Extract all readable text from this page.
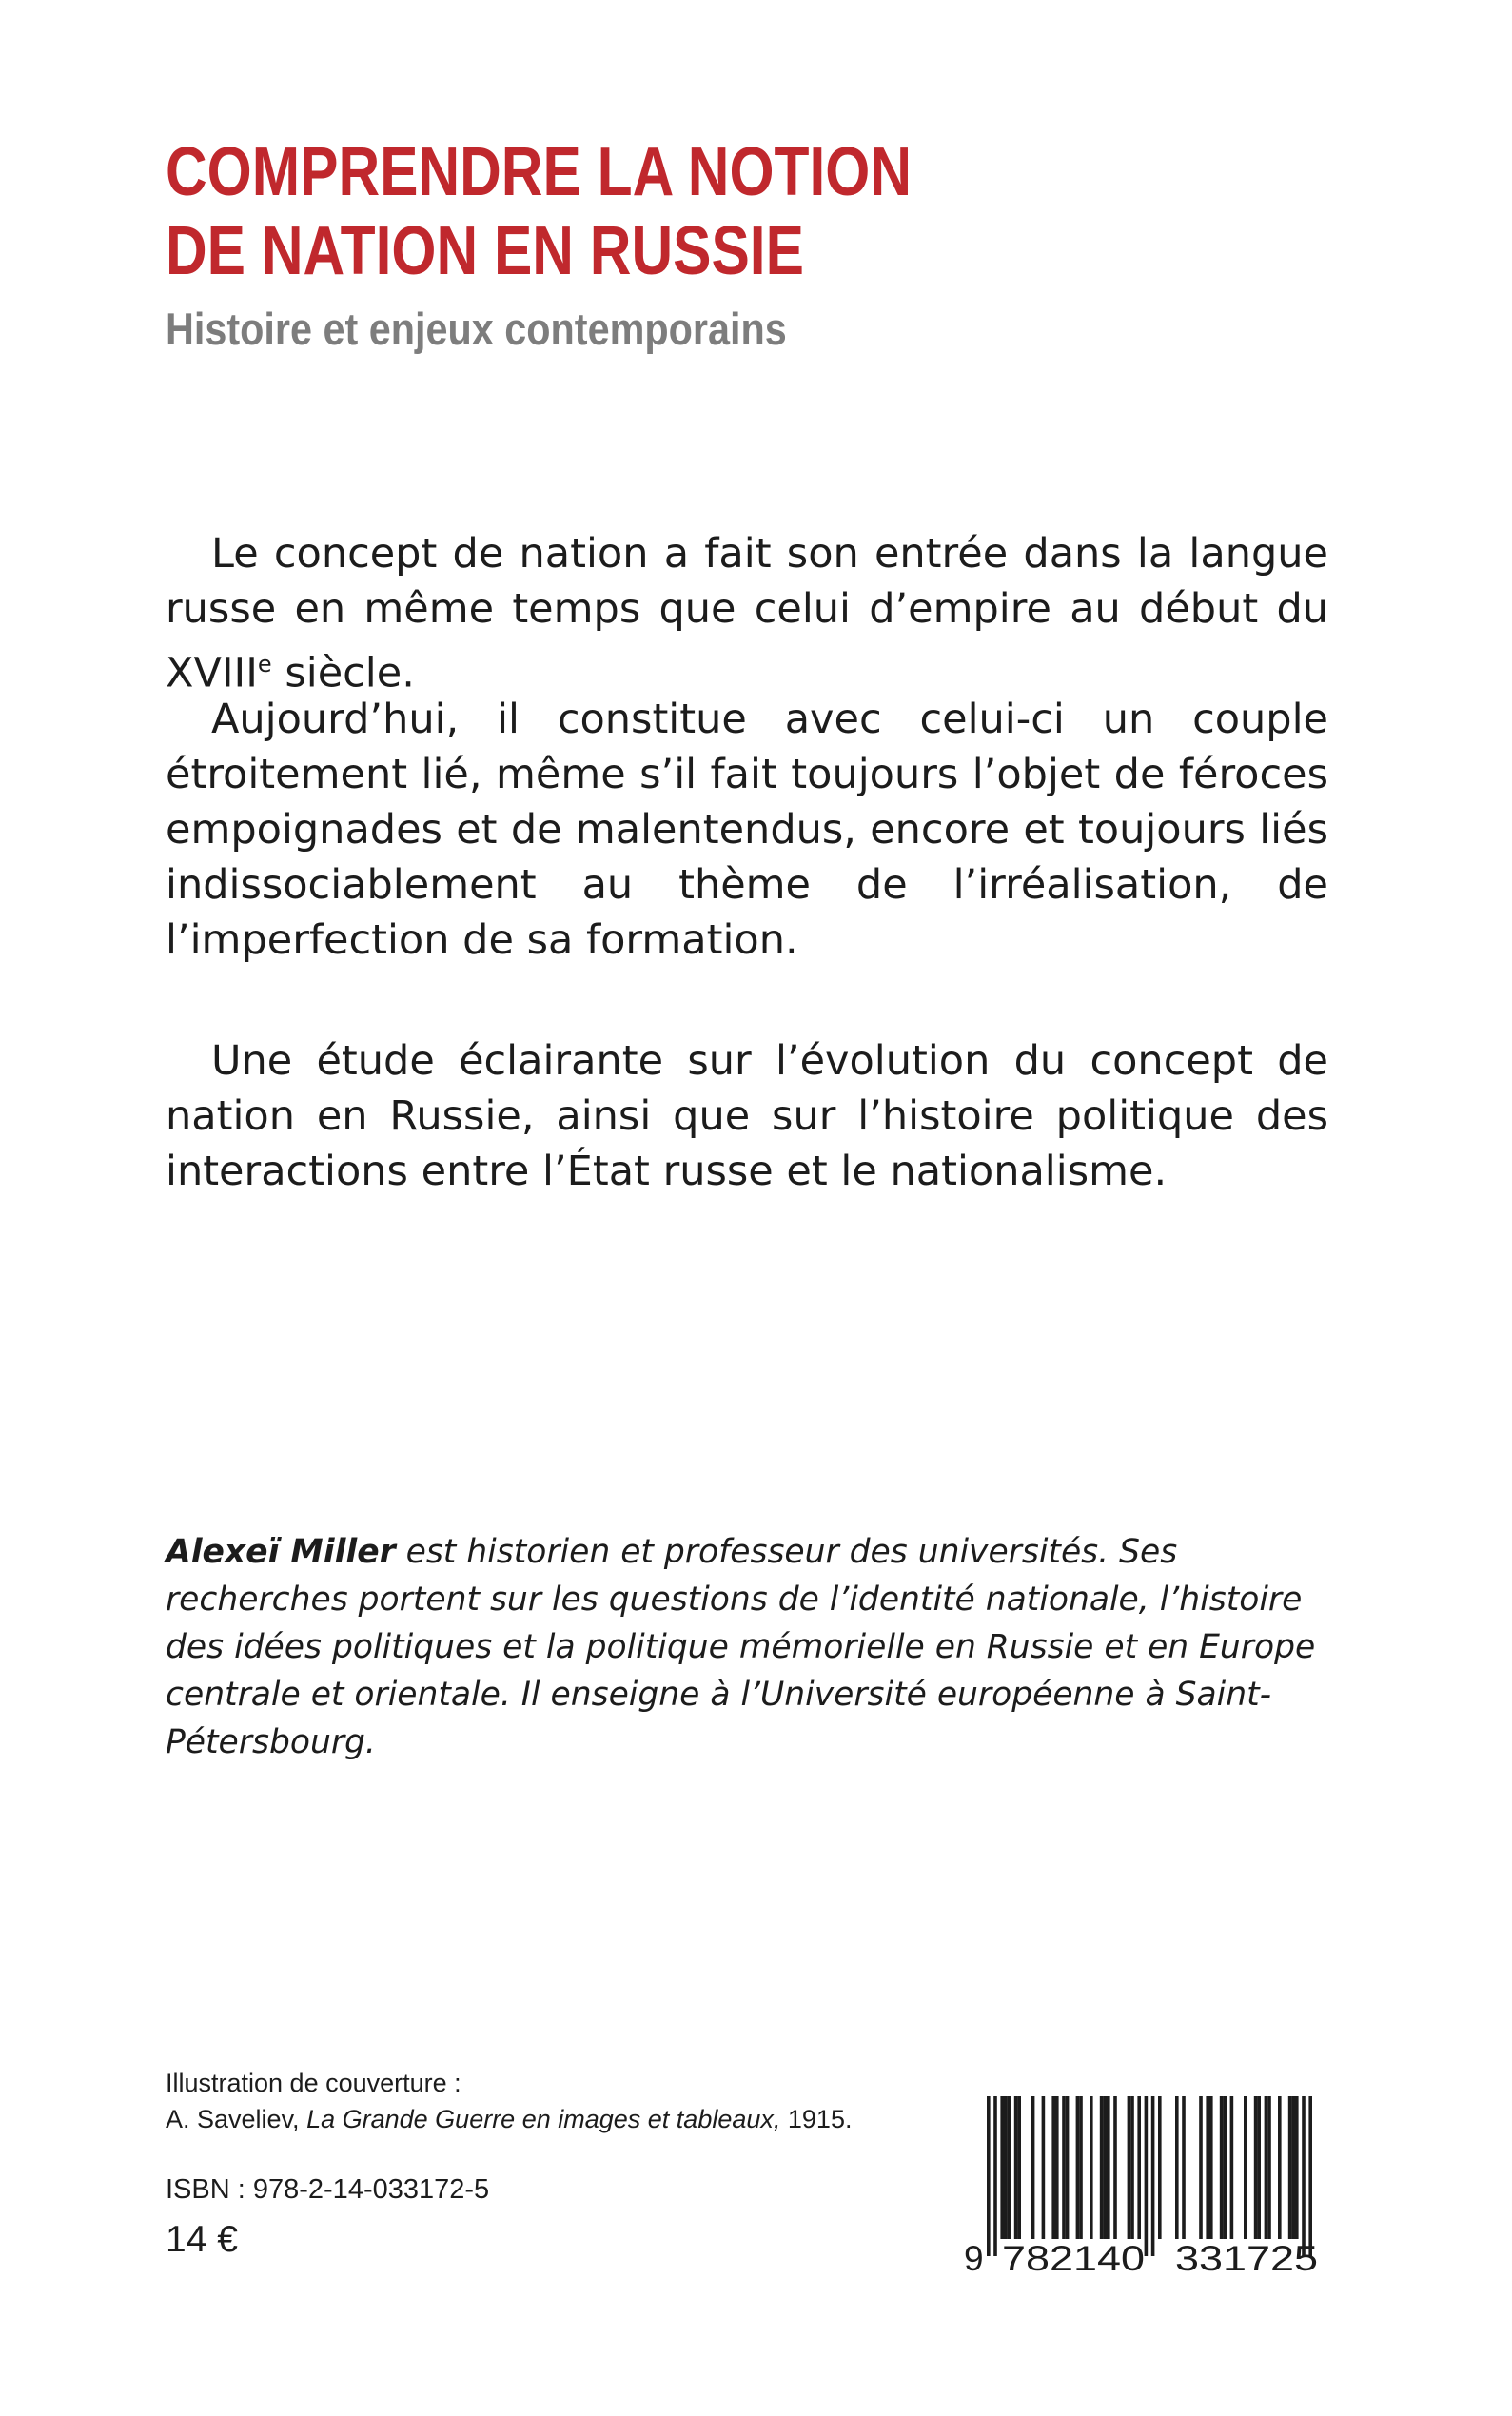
COMPRENDRE LA NOTION
DE NATION EN RUSSIE
Histoire et enjeux contemporains

Le concept de nation a fait son entrée dans la langue russe en même temps que celui d’empire au début du XVIIIe siècle.

Aujourd’hui, il constitue avec celui-ci un couple étroitement lié, même s’il fait toujours l’objet de féroces empoignades et de malentendus, encore et toujours liés indissociablement au thème de l’irréalisation, de l’imperfection de sa formation.

Une étude éclairante sur l’évolution du concept de nation en Russie, ainsi que sur l’histoire politique des interactions entre l’État russe et le nationalisme.

Alexeï Miller est historien et professeur des universités. Ses recherches portent sur les questions de l’identité nationale, l’histoire des idées politiques et la politique mémorielle en Russie et en Europe centrale et orientale. Il enseigne à l’Université européenne à Saint-Pétersbourg.

Illustration de couverture :
A. Saveliev, La Grande Guerre en images et tableaux, 1915.
ISBN : 978-2-14-033172-5
14 €	9 782140 331725
